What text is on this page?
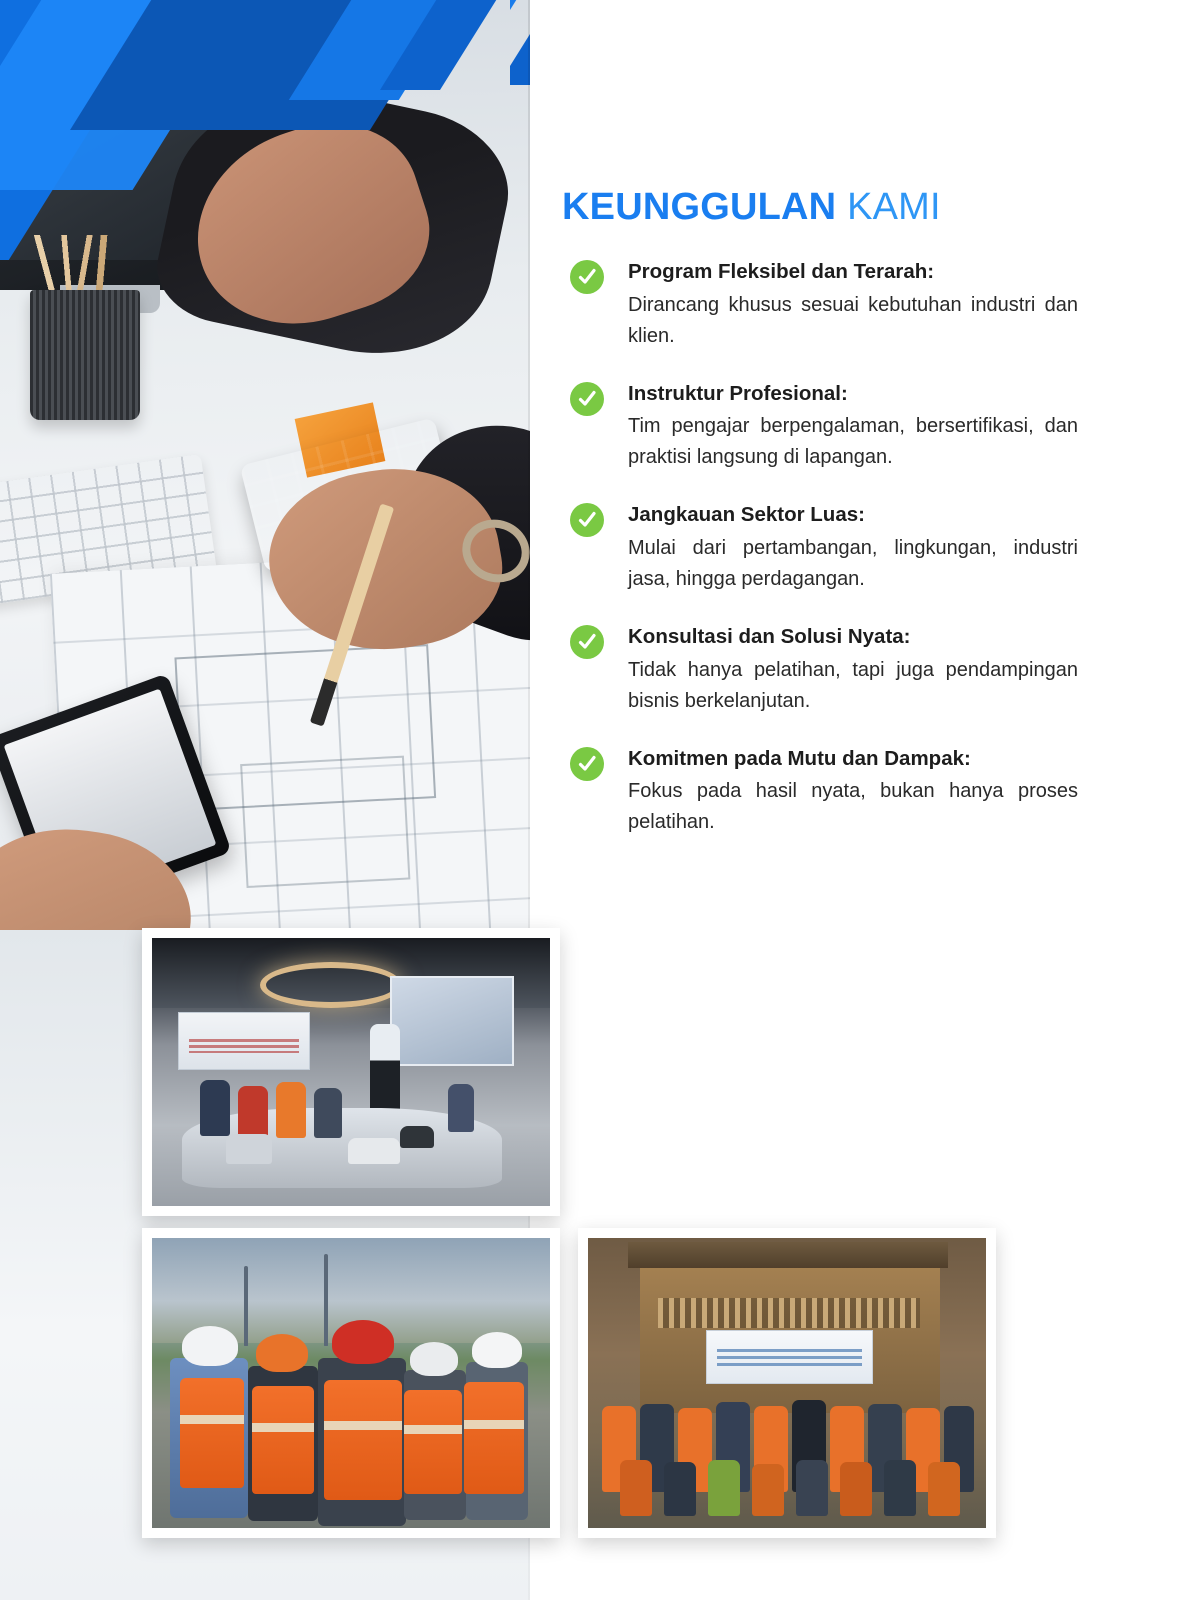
KEUNGGULAN KAMI

Program Fleksibel dan Terarah:

Dirancang khusus sesuai kebutuhan industri dan klien.

Instruktur Profesional:

Tim pengajar berpengalaman, bersertifikasi, dan praktisi langsung di lapangan.

Jangkauan Sektor Luas:

Mulai dari pertambangan, lingkungan, industri jasa, hingga perdagangan.

Konsultasi dan Solusi Nyata:

Tidak hanya pelatihan, tapi juga pendampingan bisnis berkelanjutan.

Komitmen pada Mutu dan Dampak:

Fokus pada hasil nyata, bukan hanya proses pelatihan.
